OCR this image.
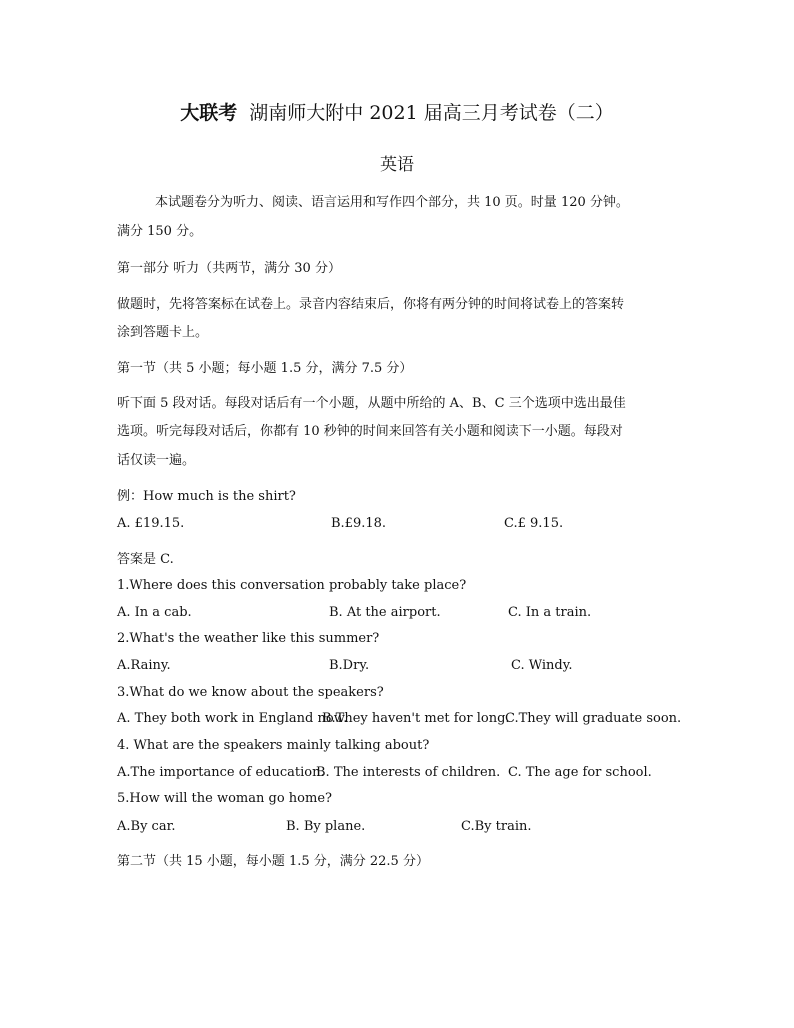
大联考 湖南师大附中 2021 届高三月考试卷（二）
英语
本试题卷分为听力、阅读、语言运用和写作四个部分，共 10 页。时量 120 分钟。
满分 150 分。
第一部分 听力（共两节，满分 30 分）
做题时，先将答案标在试卷上。录音内容结束后，你将有两分钟的时间将试卷上的答案转
涂到答题卡上。
第一节（共 5 小题；每小题 1.5 分，满分 7.5 分）
听下面 5 段对话。每段对话后有一个小题，从题中所给的 A、B、C 三个选项中选出最佳
选项。听完每段对话后，你都有 10 秒钟的时间来回答有关小题和阅读下一小题。每段对
话仅读一遍。
例：How much is the shirt?
A. £19.15.	B.£9.18.	C.£ 9.15.
答案是 C.
1.Where does this conversation probably take place?
A. In a cab.	B. At the airport.	C. In a train.
2.What's the weather like this summer?
A.Rainy.	B.Dry.	C. Windy.
3.What do we know about the speakers?
A. They both work in England now.
B.They haven't met for long.
C.They will graduate soon.
4. What are the speakers mainly talking about?
A.The importance of education.
B. The interests of children. C. The age for school.
5.How will the woman go home?
A.By car.	B. By plane.	C.By train.
第二节（共 15 小题，每小题 1.5 分，满分 22.5 分）
